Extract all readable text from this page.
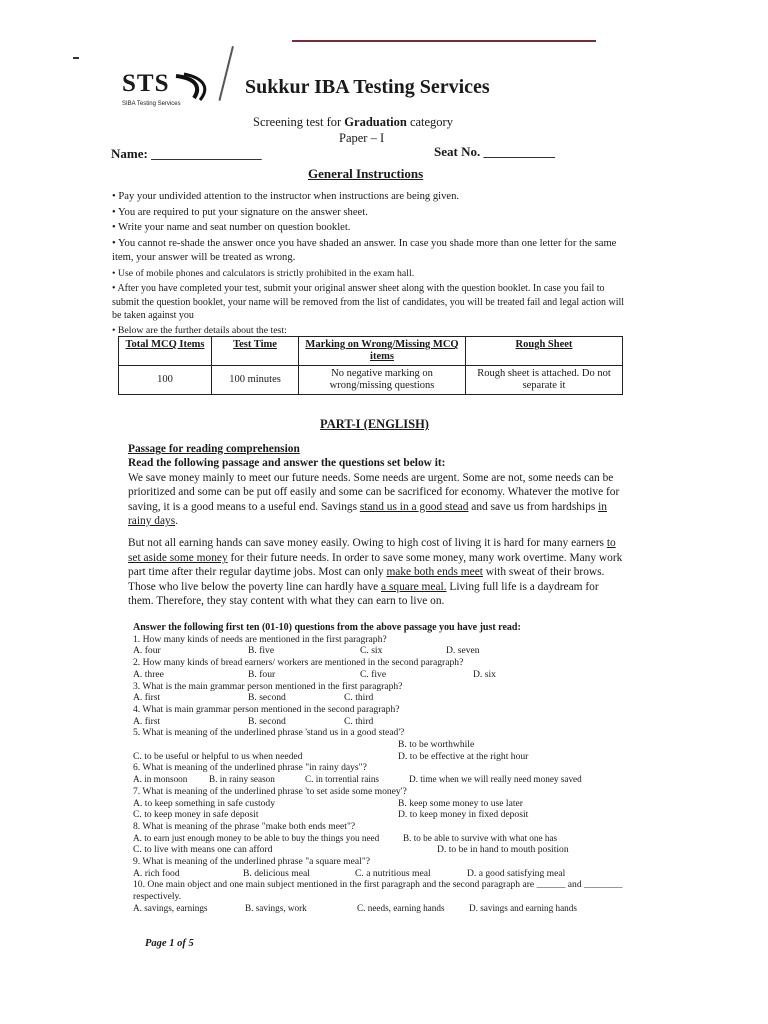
STS
SIBA Testing Services
Sukkur IBA Testing Services
Screening test for Graduation category
Paper – I
Name: _________________	Seat No. ___________
General Instructions

• Pay your undivided attention to the instructor when instructions are being given.

• You are required to put your signature on the answer sheet.

• Write your name and seat number on question booklet.

• You cannot re-shade the answer once you have shaded an answer. In case you shade more than one letter for the same item, your answer will be treated as wrong.

• Use of mobile phones and calculators is strictly prohibited in the exam hall.

• After you have completed your test, submit your original answer sheet along with the question booklet. In case you fail to submit the question booklet, your name will be removed from the list of candidates, you will be treated fail and legal action will be taken against you

• Below are the further details about the test:

Total MCQ Items	Test Time	Marking on Wrong/Missing MCQ items	Rough Sheet
100	100 minutes	No negative marking on wrong/missing questions	Rough sheet is attached. Do not separate it
PART-I (ENGLISH)

Passage for reading comprehension

Read the following passage and answer the questions set below it:

We save money mainly to meet our future needs. Some needs are urgent. Some are not, some needs can be prioritized and some can be put off easily and some can be sacrificed for economy. Whatever the motive for saving, it is a good means to a useful end. Savings stand us in a good stead and save us from hardships in rainy days.

But not all earning hands can save money easily. Owing to high cost of living it is hard for many earners to set aside some money for their future needs. In order to save some money, many work overtime. Many work part time after their regular daytime jobs. Most can only make both ends meet with sweat of their brows. Those who live below the poverty line can hardly have a square meal. Living full life is a daydream for them. Therefore, they stay content with what they can earn to live on.

Answer the following first ten (01-10) questions from the above passage you have just read:
1. How many kinds of needs are mentioned in the first paragraph?
A. four	B. five	C. six	D. seven
2. How many kinds of bread earners/ workers are mentioned in the second paragraph?
A. three	B. four	C. five	D. six
3. What is the main grammar person mentioned in the first paragraph?
A. first	B. second	C. third
4. What is main grammar person mentioned in the second paragraph?
A. first	B. second	C. third
5. What is meaning of the underlined phrase 'stand us in a good stead'?
B. to be worthwhile
C. to be useful or helpful to us when needed	D. to be effective at the right hour
6. What is meaning of the underlined phrase "in rainy days"?
A. in monsoon	B. in rainy season	C. in torrential rains	D. time when we will really need money saved
7. What is meaning of the underlined phrase 'to set aside some money'?
A. to keep something in safe custody	B. keep some money to use later
C. to keep money in safe deposit	D. to keep money in fixed deposit
8. What is meaning of the phrase "make both ends meet"?
A. to earn just enough money to be able to buy the things you need	B. to be able to survive with what one has
C. to live with means one can afford	D. to be in hand to mouth position
9. What is meaning of the underlined phrase "a square meal"?
A. rich food	B. delicious meal	C. a nutritious meal	D. a good satisfying meal
10. One main object and one main subject mentioned in the first paragraph and the second paragraph are ______ and ________ respectively.
A. savings, earnings	B. savings, work	C. needs, earning hands	D. savings and earning hands
Page 1 of 5
